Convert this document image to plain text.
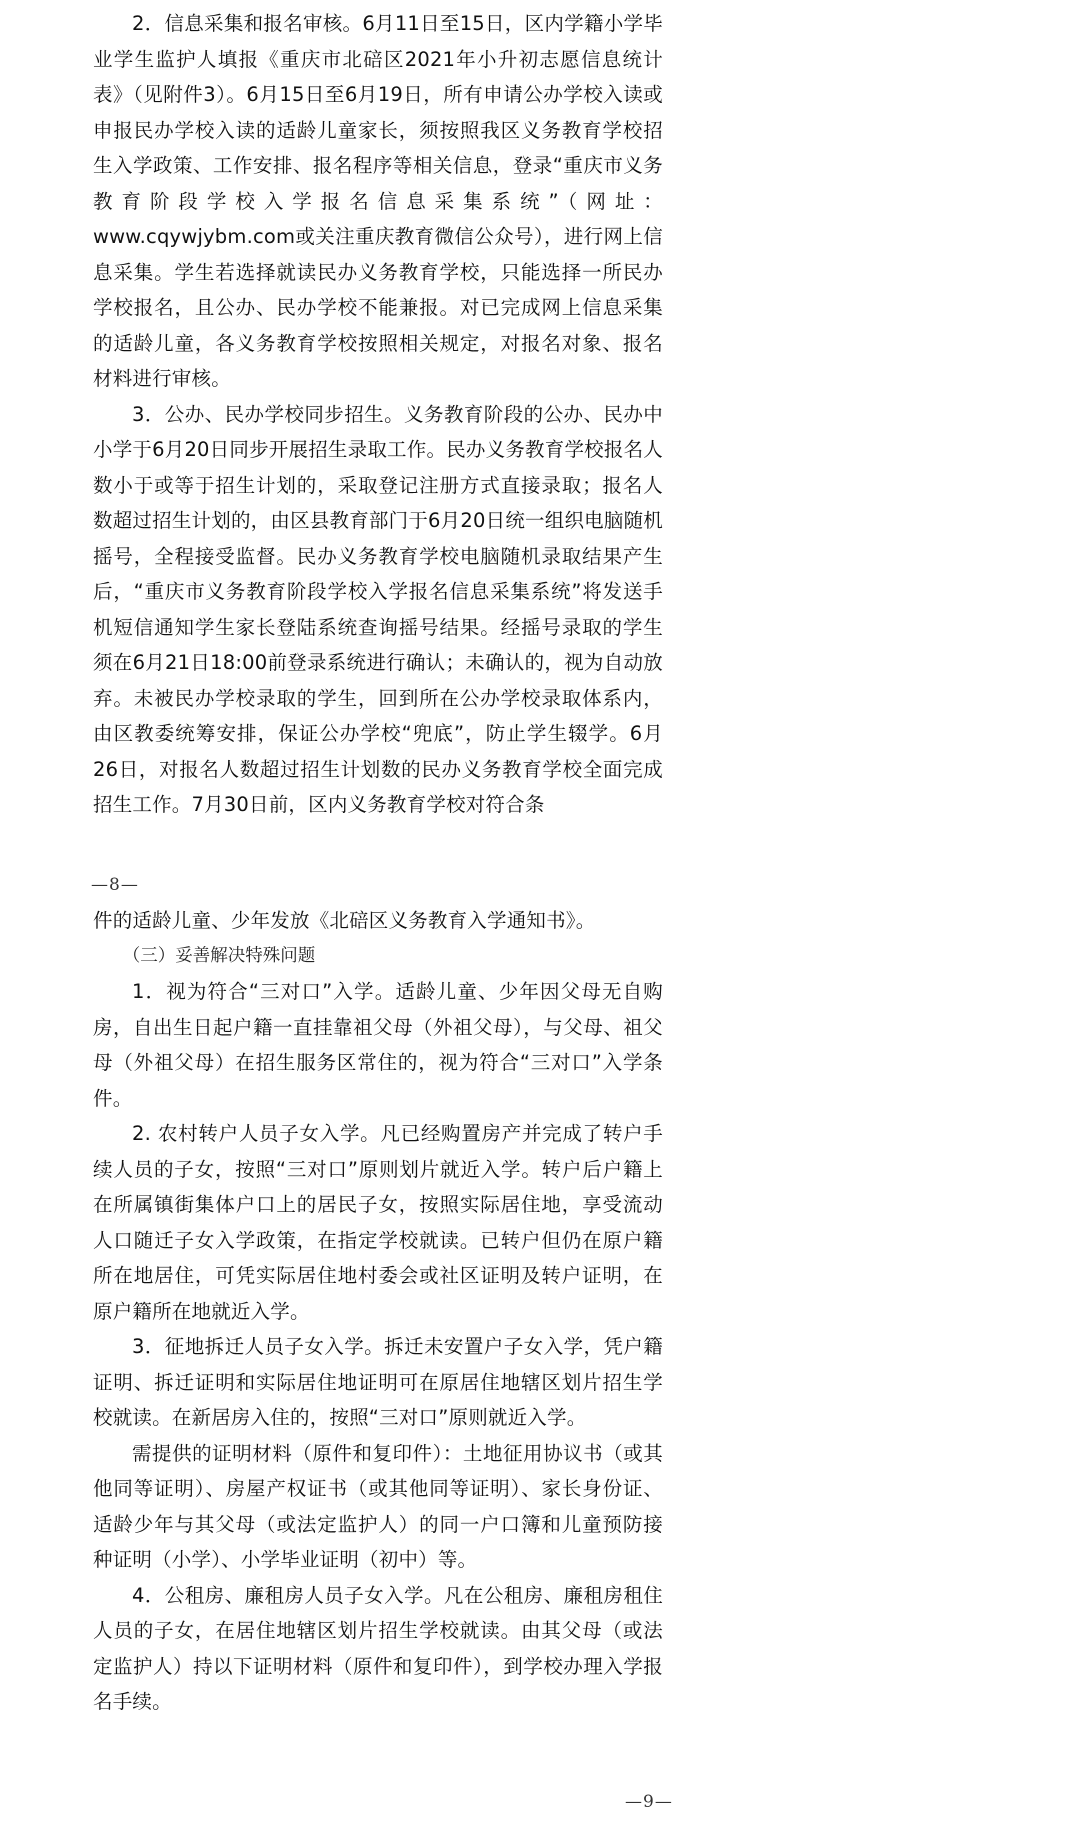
2．信息采集和报名审核。6月11日至15日，区内学籍小学毕业学生监护人填报《重庆市北碚区2021年小升初志愿信息统计表》（见附件3）。6月15日至6月19日，所有申请公办学校入读或申报民办学校入读的适龄儿童家长，须按照我区义务教育学校招生入学政策、工作安排、报名程序等相关信息，登录“重庆市义务教育阶段学校入学报名信息采集系统”（网址：www.cqywjybm.com或关注重庆教育微信公众号），进行网上信息采集。学生若选择就读民办义务教育学校，只能选择一所民办学校报名，且公办、民办学校不能兼报。对已完成网上信息采集的适龄儿童，各义务教育学校按照相关规定，对报名对象、报名材料进行审核。

3．公办、民办学校同步招生。义务教育阶段的公办、民办中小学于6月20日同步开展招生录取工作。民办义务教育学校报名人数小于或等于招生计划的，采取登记注册方式直接录取；报名人数超过招生计划的，由区县教育部门于6月20日统一组织电脑随机摇号，全程接受监督。民办义务教育学校电脑随机录取结果产生后，“重庆市义务教育阶段学校入学报名信息采集系统”将发送手机短信通知学生家长登陆系统查询摇号结果。经摇号录取的学生须在6月21日18:00前登录系统进行确认；未确认的，视为自动放弃。未被民办学校录取的学生，回到所在公办学校录取体系内，由区教委统筹安排，保证公办学校“兜底”，防止学生辍学。6月26日，对报名人数超过招生计划数的民办义务教育学校全面完成招生工作。7月30日前，区内义务教育学校对符合条

—8—

件的适龄儿童、少年发放《北碚区义务教育入学通知书》。

（三）妥善解决特殊问题

1．视为符合“三对口”入学。适龄儿童、少年因父母无自购房，自出生日起户籍一直挂靠祖父母（外祖父母），与父母、祖父母（外祖父母）在招生服务区常住的，视为符合“三对口”入学条件。

2. 农村转户人员子女入学。凡已经购置房产并完成了转户手续人员的子女，按照“三对口”原则划片就近入学。转户后户籍上在所属镇街集体户口上的居民子女，按照实际居住地，享受流动人口随迁子女入学政策，在指定学校就读。已转户但仍在原户籍所在地居住，可凭实际居住地村委会或社区证明及转户证明，在原户籍所在地就近入学。

3．征地拆迁人员子女入学。拆迁未安置户子女入学，凭户籍证明、拆迁证明和实际居住地证明可在原居住地辖区划片招生学校就读。在新居房入住的，按照“三对口”原则就近入学。

需提供的证明材料（原件和复印件）：土地征用协议书（或其他同等证明）、房屋产权证书（或其他同等证明）、家长身份证、适龄少年与其父母（或法定监护人）的同一户口簿和儿童预防接种证明（小学）、小学毕业证明（初中）等。

4．公租房、廉租房人员子女入学。凡在公租房、廉租房租住人员的子女，在居住地辖区划片招生学校就读。由其父母（或法定监护人）持以下证明材料（原件和复印件），到学校办理入学报名手续。

—9—
